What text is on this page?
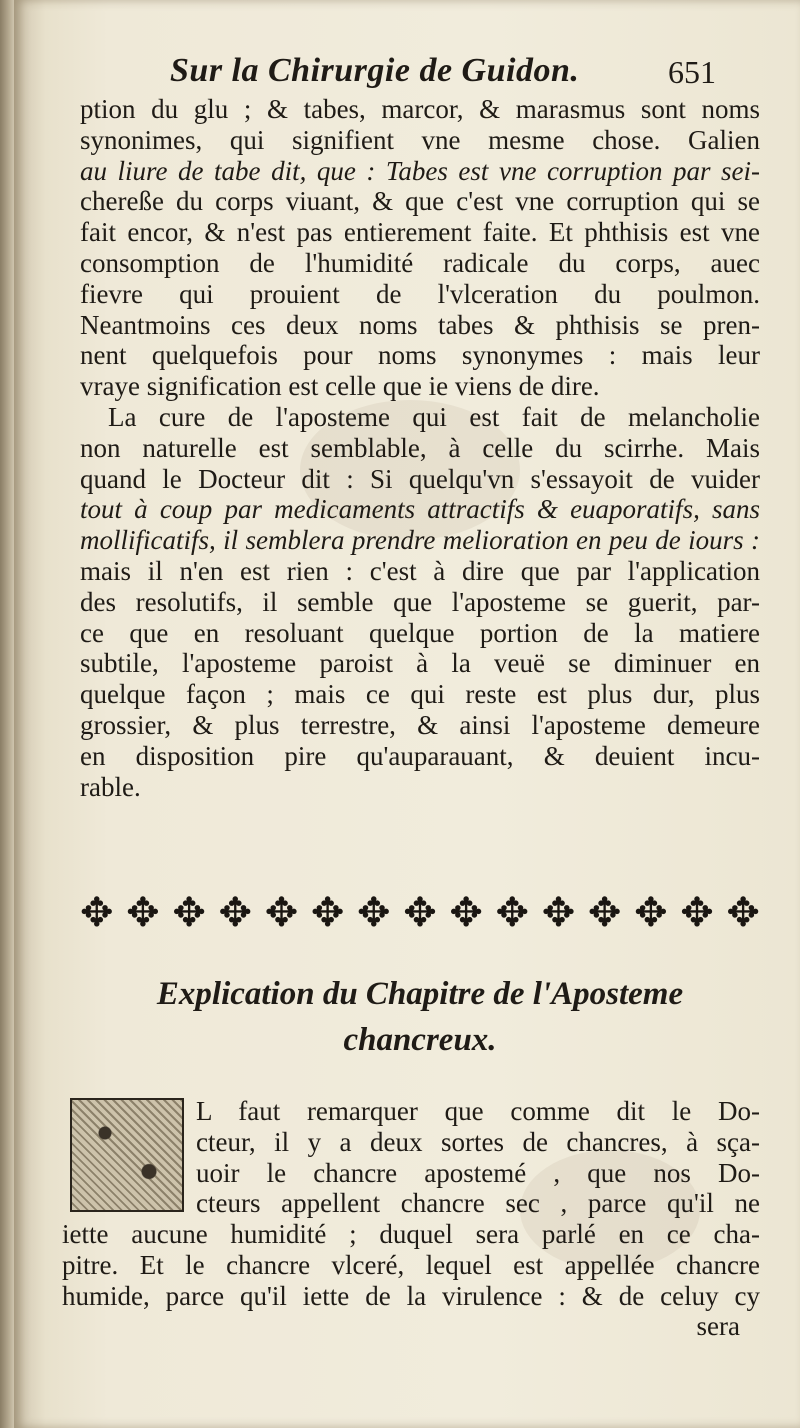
Sur la Chirurgie de Guidon.	651
ption du glu ; & tabes, marcor, & marasmus sont noms
synonimes, qui signifient vne mesme chose. Galien
au liure de tabe dit, que : Tabes est vne corruption par sei-
chereße du corps viuant, & que c'est vne corruption qui se
fait encor, & n'est pas entierement faite. Et phthisis est vne
consomption de l'humidité radicale du corps, auec
fievre qui prouient de l'vlceration du poulmon.
Neantmoins ces deux noms tabes & phthisis se pren-
nent quelquefois pour noms synonymes : mais leur
vraye signification est celle que ie viens de dire.
La cure de l'aposteme qui est fait de melancholie
non naturelle est semblable, à celle du scirrhe. Mais
quand le Docteur dit : Si quelqu'vn s'essayoit de vuider
tout à coup par medicaments attractifs & euaporatifs, sans
mollificatifs, il semblera prendre melioration en peu de iours :
mais il n'en est rien : c'est à dire que par l'application
des resolutifs, il semble que l'aposteme se guerit, par-
ce que en resoluant quelque portion de la matiere
subtile, l'aposteme paroist à la veuë se diminuer en
quelque façon ; mais ce qui reste est plus dur, plus
grossier, & plus terrestre, & ainsi l'aposteme demeure
en disposition pire qu'auparauant, & deuient incu-
rable.
✥ ✥ ✥ ✥ ✥ ✥ ✥ ✥ ✥ ✥ ✥ ✥ ✥ ✥ ✥
Explication du Chapitre de l'Aposteme
chancreux.
L faut remarquer que comme dit le Do-
cteur, il y a deux sortes de chancres, à sça-
uoir le chancre apostemé , que nos Do-
cteurs appellent chancre sec , parce qu'il ne
iette aucune humidité ; duquel sera parlé en ce cha-
pitre. Et le chancre vlceré, lequel est appellée chancre
humide, parce qu'il iette de la virulence : & de celuy cy
sera
